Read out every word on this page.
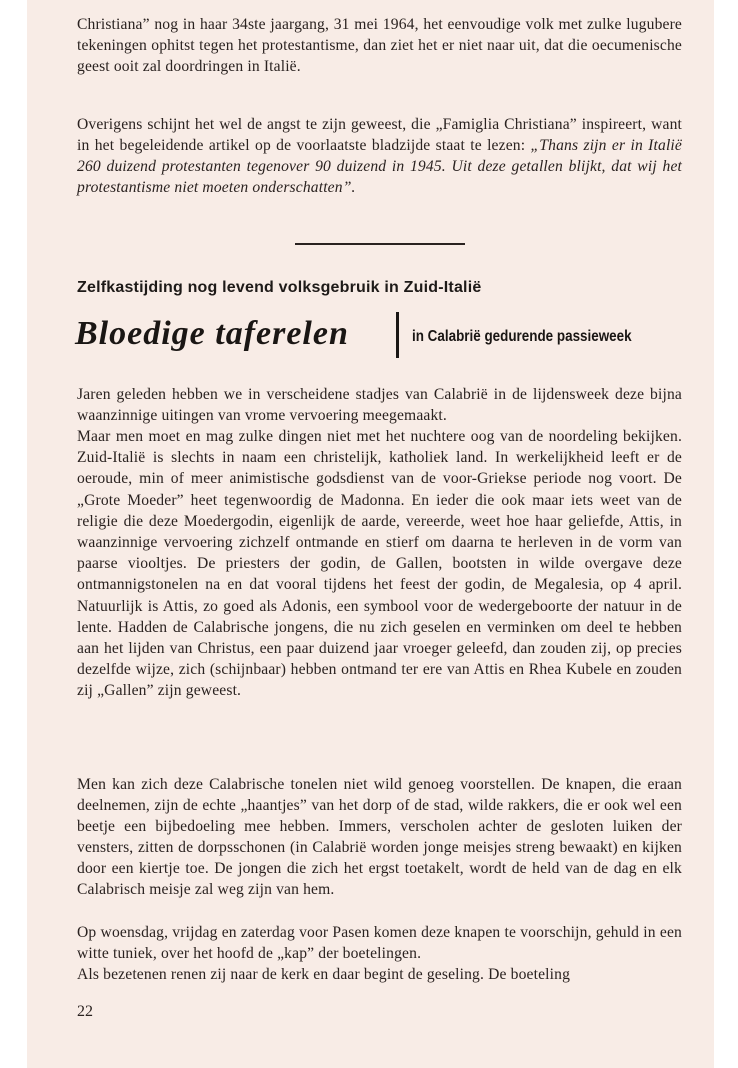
Christiana” nog in haar 34ste jaargang, 31 mei 1964, het eenvoudige volk met zulke lugubere tekeningen ophitst tegen het protestantisme, dan ziet het er niet naar uit, dat die oecumenische geest ooit zal doordringen in Italië.

Overigens schijnt het wel de angst te zijn geweest, die „Famiglia Christiana” inspireert, want in het begeleidende artikel op de voorlaatste bladzijde staat te lezen: „Thans zijn er in Italië 260 duizend protestanten tegenover 90 duizend in 1945. Uit deze getallen blijkt, dat wij het protestantisme niet moeten onderschatten”.

Zelfkastijding nog levend volksgebruik in Zuid-Italië
Bloedige taferelen	in Calabrië gedurende passieweek

Jaren geleden hebben we in verscheidene stadjes van Calabrië in de lijdensweek deze bijna waanzinnige uitingen van vrome vervoering meegemaakt.

Maar men moet en mag zulke dingen niet met het nuchtere oog van de noordeling bekijken. Zuid-Italië is slechts in naam een christelijk, katholiek land. In werkelijkheid leeft er de oeroude, min of meer animistische godsdienst van de voor-Griekse periode nog voort. De „Grote Moeder” heet tegenwoordig de Madonna. En ieder die ook maar iets weet van de religie die deze Moedergodin, eigenlijk de aarde, vereerde, weet hoe haar geliefde, Attis, in waanzinnige vervoering zichzelf ontmande en stierf om daarna te herleven in de vorm van paarse viooltjes. De priesters der godin, de Gallen, bootsten in wilde overgave deze ontmannigstonelen na en dat vooral tijdens het feest der godin, de Megalesia, op 4 april. Natuurlijk is Attis, zo goed als Adonis, een symbool voor de wedergeboorte der natuur in de lente. Hadden de Calabrische jongens, die nu zich geselen en verminken om deel te hebben aan het lijden van Christus, een paar duizend jaar vroeger geleefd, dan zouden zij, op precies dezelfde wijze, zich (schijnbaar) hebben ontmand ter ere van Attis en Rhea Kubele en zouden zij „Gallen” zijn geweest.

Men kan zich deze Calabrische tonelen niet wild genoeg voorstellen. De knapen, die eraan deelnemen, zijn de echte „haantjes” van het dorp of de stad, wilde rakkers, die er ook wel een beetje een bijbedoeling mee hebben. Immers, verscholen achter de gesloten luiken der vensters, zitten de dorpsschonen (in Calabrië worden jonge meisjes streng bewaakt) en kijken door een kiertje toe. De jongen die zich het ergst toetakelt, wordt de held van de dag en elk Calabrisch meisje zal weg zijn van hem.

Op woensdag, vrijdag en zaterdag voor Pasen komen deze knapen te voorschijn, gehuld in een witte tuniek, over het hoofd de „kap” der boetelingen.

Als bezetenen renen zij naar de kerk en daar begint de geseling. De boeteling

22
